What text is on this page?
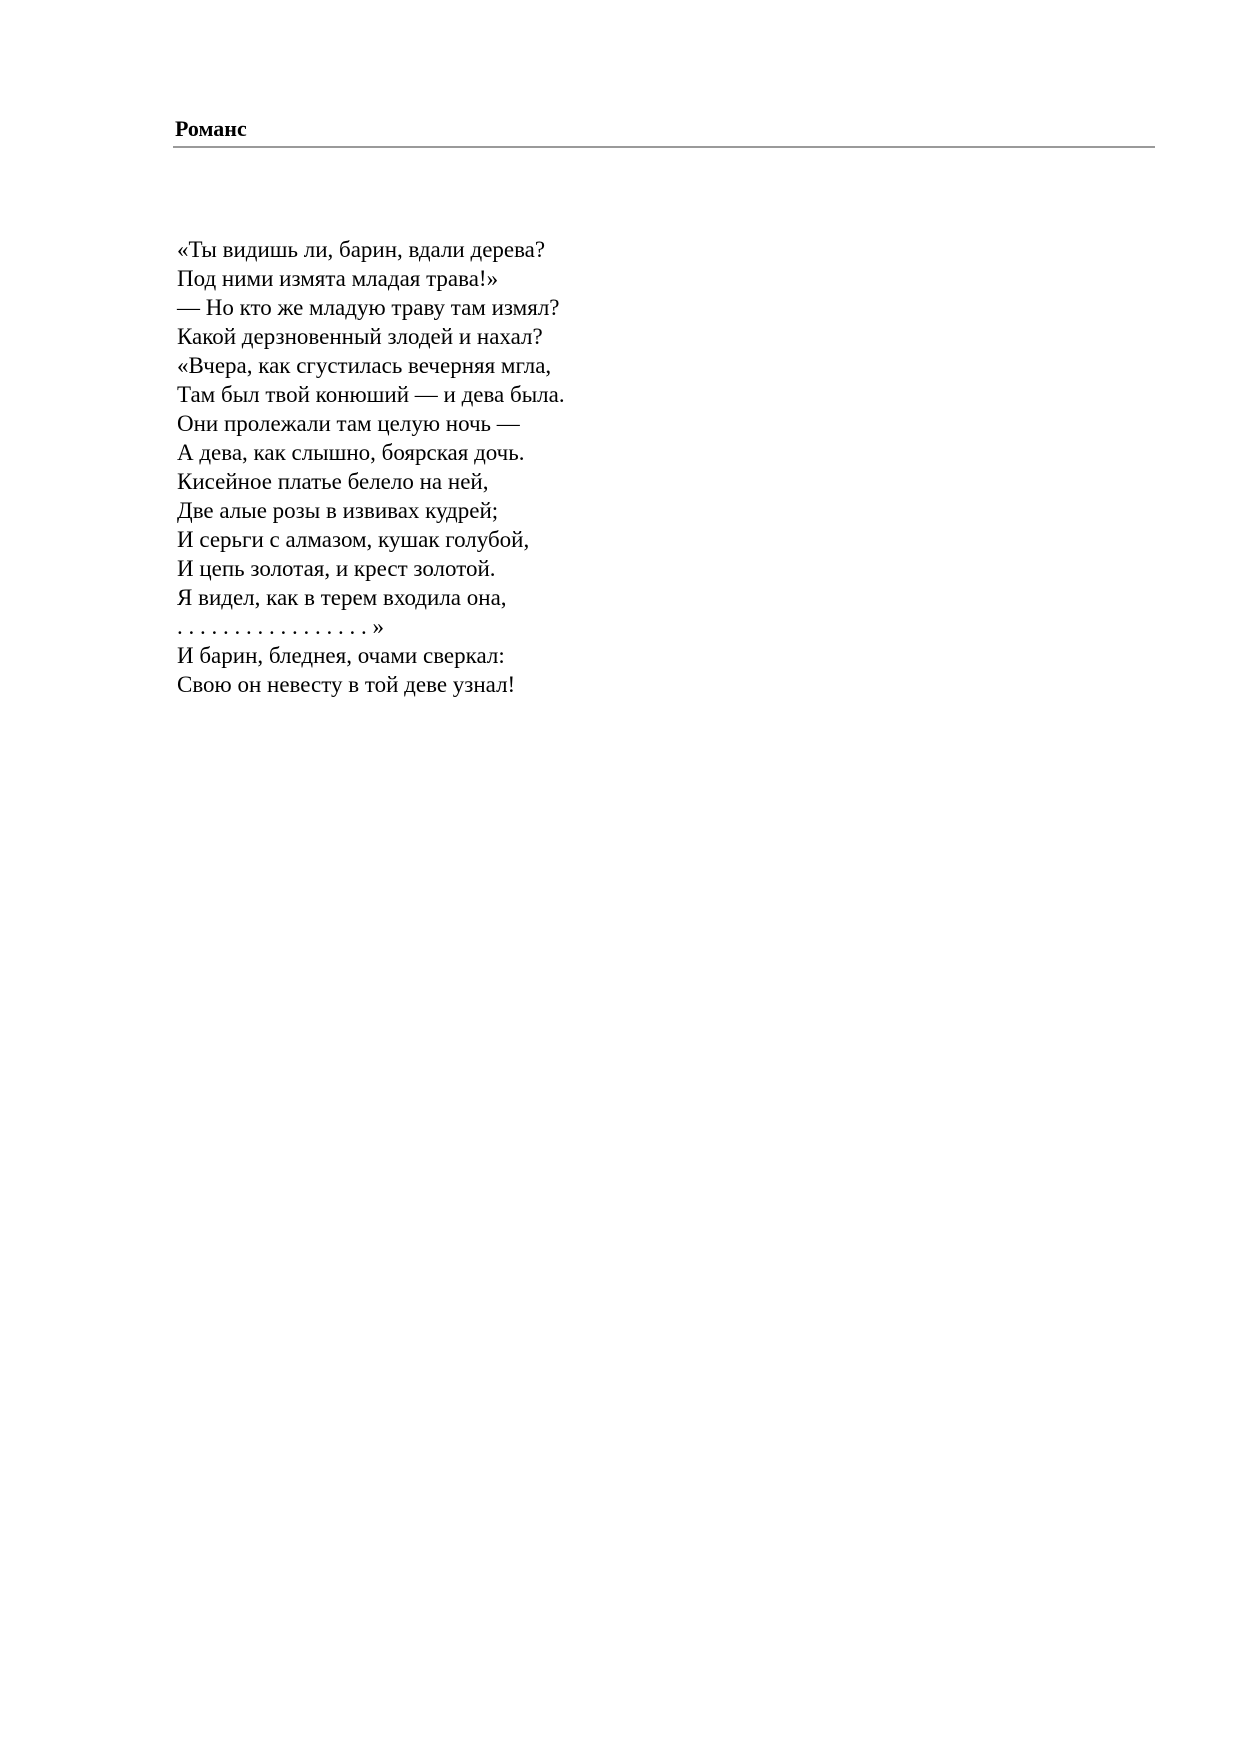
Романс
«Ты видишь ли, барин, вдали дерева?
Под ними измята младая трава!»
— Но кто же младую траву там измял?
Какой дерзновенный злодей и нахал?
«Вчера, как сгустилась вечерняя мгла,
Там был твой конюший — и дева была.
Они пролежали там целую ночь —
А дева, как слышно, боярская дочь.
Кисейное платье белело на ней,
Две алые розы в извивах кудрей;
И серьги с алмазом, кушак голубой,
И цепь золотая, и крест золотой.
Я видел, как в терем входила она,
. . . . . . . . . . . . . . . . . »
И барин, бледнея, очами сверкал:
Свою он невесту в той деве узнал!
